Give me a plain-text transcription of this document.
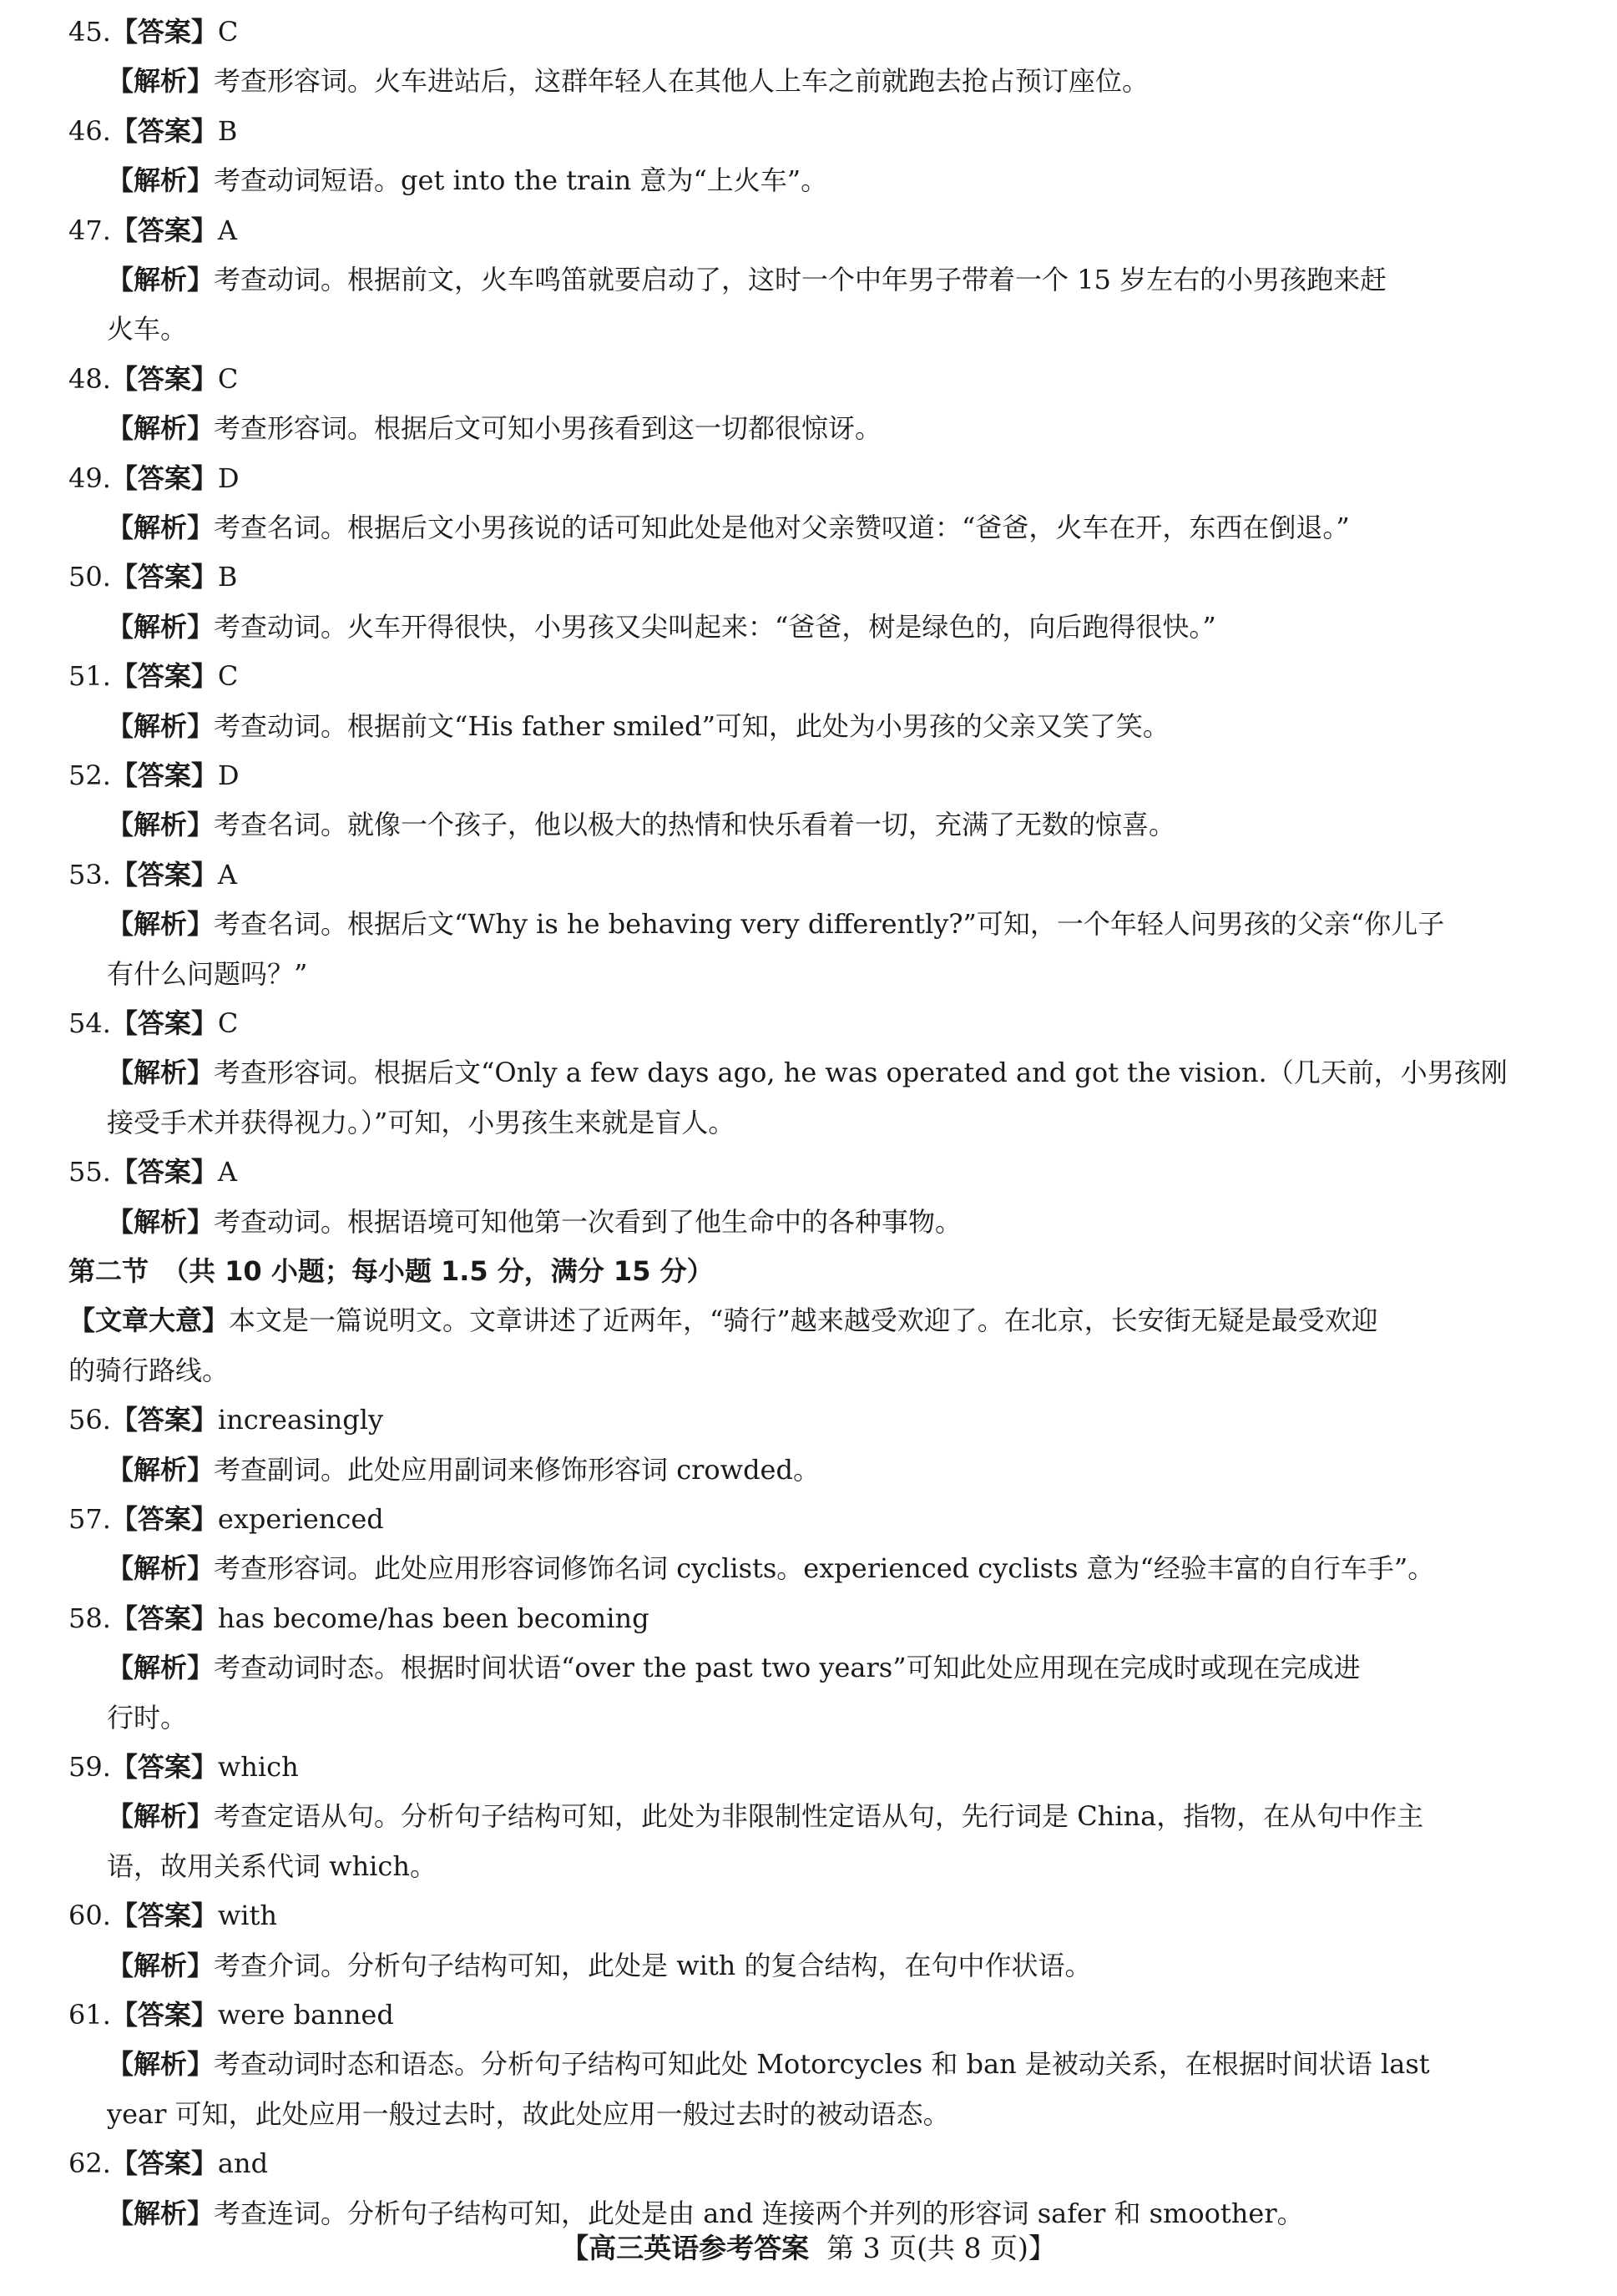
45.【答案】C
【解析】考查形容词。火车进站后，这群年轻人在其他人上车之前就跑去抢占预订座位。
46.【答案】B
【解析】考查动词短语。get into the train 意为“上火车”。
47.【答案】A
【解析】考查动词。根据前文，火车鸣笛就要启动了，这时一个中年男子带着一个 15 岁左右的小男孩跑来赶
火车。
48.【答案】C
【解析】考查形容词。根据后文可知小男孩看到这一切都很惊讶。
49.【答案】D
【解析】考查名词。根据后文小男孩说的话可知此处是他对父亲赞叹道：“爸爸，火车在开，东西在倒退。”
50.【答案】B
【解析】考查动词。火车开得很快，小男孩又尖叫起来：“爸爸，树是绿色的，向后跑得很快。”
51.【答案】C
【解析】考查动词。根据前文“His father smiled”可知，此处为小男孩的父亲又笑了笑。
52.【答案】D
【解析】考查名词。就像一个孩子，他以极大的热情和快乐看着一切，充满了无数的惊喜。
53.【答案】A
【解析】考查名词。根据后文“Why is he behaving very differently?”可知，一个年轻人问男孩的父亲“你儿子
有什么问题吗？”
54.【答案】C
【解析】考查形容词。根据后文“Only a few days ago, he was operated and got the vision.（几天前，小男孩刚
接受手术并获得视力。）”可知，小男孩生来就是盲人。
55.【答案】A
【解析】考查动词。根据语境可知他第一次看到了他生命中的各种事物。
第二节　（共 10 小题；每小题 1.5 分，满分 15 分）
【文章大意】本文是一篇说明文。文章讲述了近两年，“骑行”越来越受欢迎了。在北京，长安街无疑是最受欢迎
的骑行路线。
56.【答案】increasingly
【解析】考查副词。此处应用副词来修饰形容词 crowded。
57.【答案】experienced
【解析】考查形容词。此处应用形容词修饰名词 cyclists。experienced cyclists 意为“经验丰富的自行车手”。
58.【答案】has become/has been becoming
【解析】考查动词时态。根据时间状语“over the past two years”可知此处应用现在完成时或现在完成进
行时。
59.【答案】which
【解析】考查定语从句。分析句子结构可知，此处为非限制性定语从句，先行词是 China，指物，在从句中作主
语，故用关系代词 which。
60.【答案】with
【解析】考查介词。分析句子结构可知，此处是 with 的复合结构，在句中作状语。
61.【答案】were banned
【解析】考查动词时态和语态。分析句子结构可知此处 Motorcycles 和 ban 是被动关系，在根据时间状语 last
year 可知，此处应用一般过去时，故此处应用一般过去时的被动语态。
62.【答案】and
【解析】考查连词。分析句子结构可知，此处是由 and 连接两个并列的形容词 safer 和 smoother。
【高三英语参考答案 第 3 页(共 8 页)】
